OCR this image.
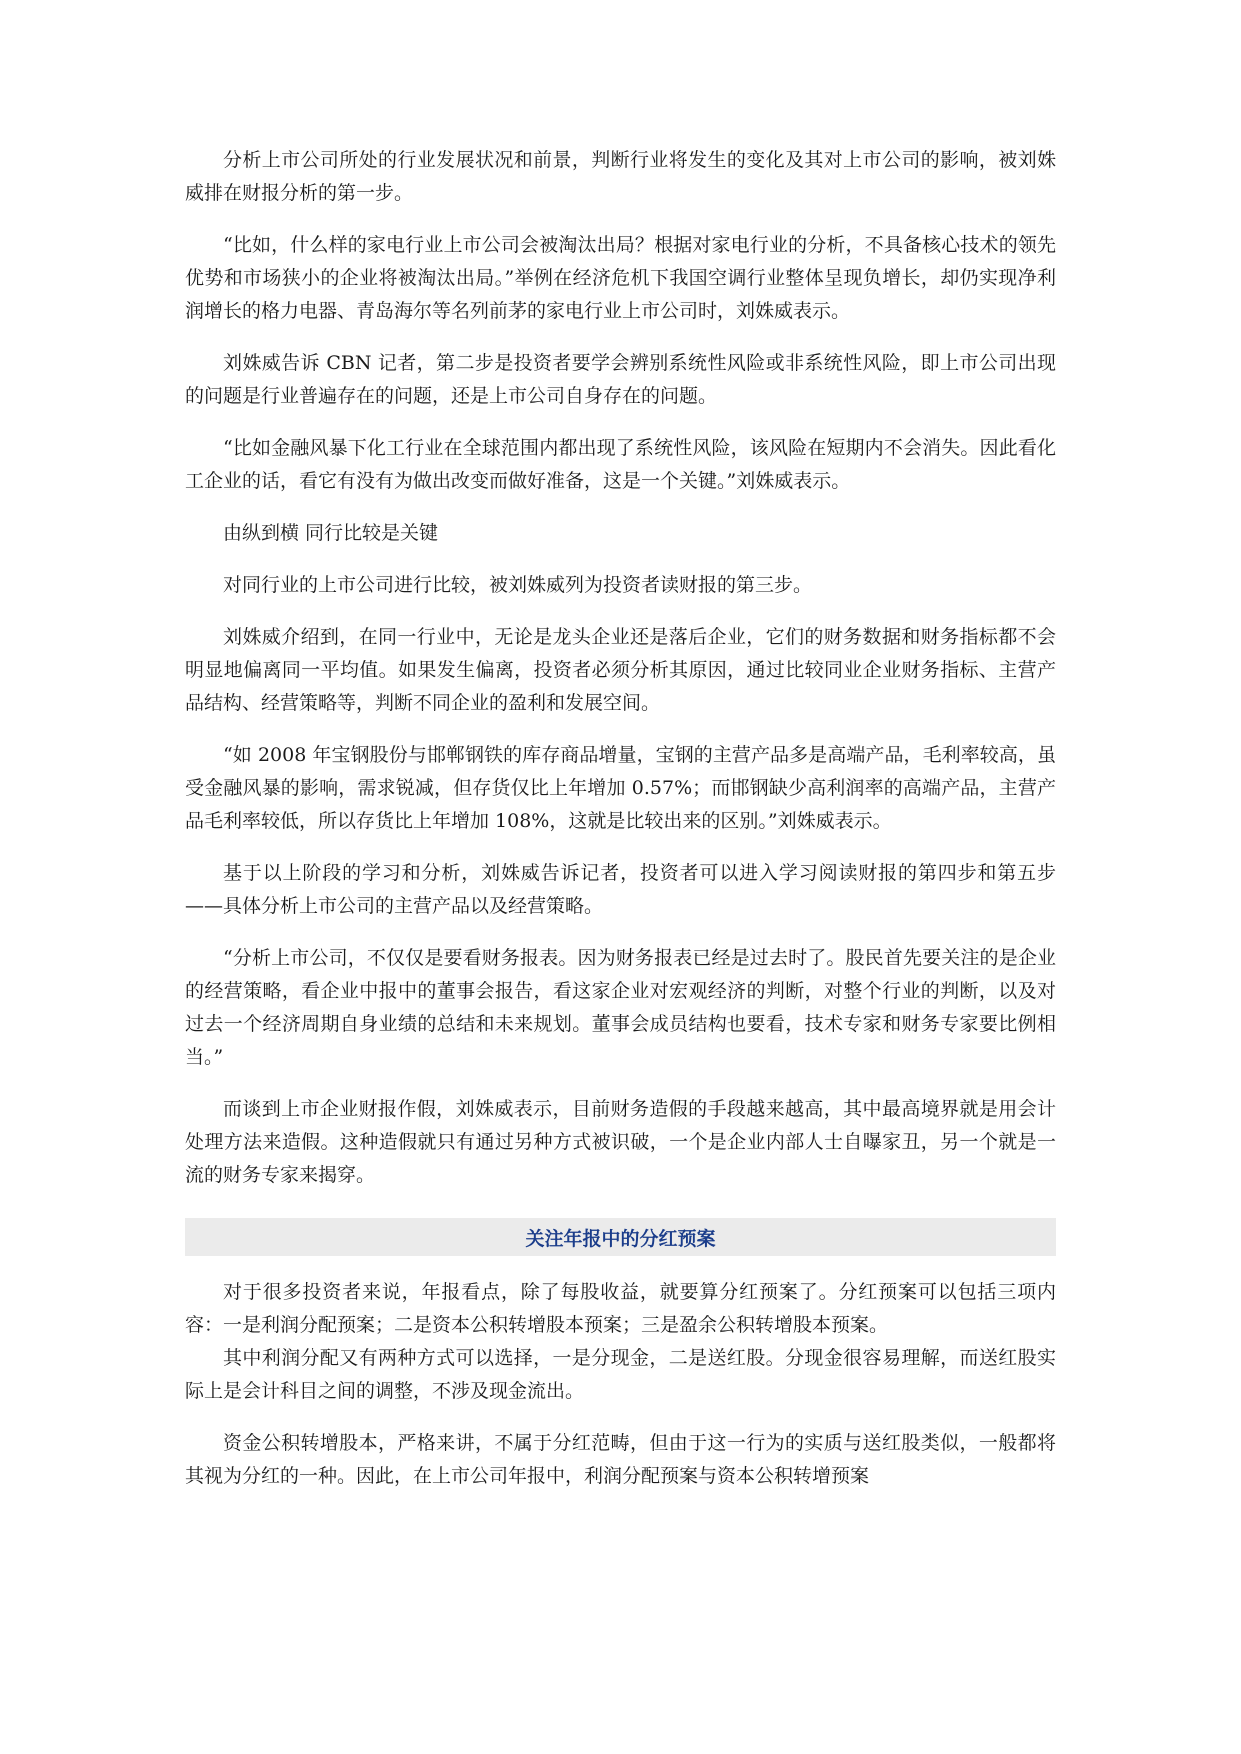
分析上市公司所处的行业发展状况和前景，判断行业将发生的变化及其对上市公司的影响，被刘姝威排在财报分析的第一步。

“比如，什么样的家电行业上市公司会被淘汰出局？根据对家电行业的分析，不具备核心技术的领先优势和市场狭小的企业将被淘汰出局。”举例在经济危机下我国空调行业整体呈现负增长，却仍实现净利润增长的格力电器、青岛海尔等名列前茅的家电行业上市公司时，刘姝威表示。

刘姝威告诉 CBN 记者，第二步是投资者要学会辨别系统性风险或非系统性风险，即上市公司出现的问题是行业普遍存在的问题，还是上市公司自身存在的问题。

“比如金融风暴下化工行业在全球范围内都出现了系统性风险，该风险在短期内不会消失。因此看化工企业的话，看它有没有为做出改变而做好准备，这是一个关键。”刘姝威表示。

由纵到横 同行比较是关键

对同行业的上市公司进行比较，被刘姝威列为投资者读财报的第三步。

刘姝威介绍到，在同一行业中，无论是龙头企业还是落后企业，它们的财务数据和财务指标都不会明显地偏离同一平均值。如果发生偏离，投资者必须分析其原因，通过比较同业企业财务指标、主营产品结构、经营策略等，判断不同企业的盈利和发展空间。

“如 2008 年宝钢股份与邯郸钢铁的库存商品增量，宝钢的主营产品多是高端产品，毛利率较高，虽受金融风暴的影响，需求锐减，但存货仅比上年增加 0.57%；而邯钢缺少高利润率的高端产品，主营产品毛利率较低，所以存货比上年增加 108%，这就是比较出来的区别。”刘姝威表示。

基于以上阶段的学习和分析，刘姝威告诉记者，投资者可以进入学习阅读财报的第四步和第五步——具体分析上市公司的主营产品以及经营策略。

“分析上市公司，不仅仅是要看财务报表。因为财务报表已经是过去时了。股民首先要关注的是企业的经营策略，看企业中报中的董事会报告，看这家企业对宏观经济的判断，对整个行业的判断，以及对过去一个经济周期自身业绩的总结和未来规划。董事会成员结构也要看，技术专家和财务专家要比例相当。”

而谈到上市企业财报作假，刘姝威表示，目前财务造假的手段越来越高，其中最高境界就是用会计处理方法来造假。这种造假就只有通过另种方式被识破，一个是企业内部人士自曝家丑，另一个就是一流的财务专家来揭穿。

关注年报中的分红预案

对于很多投资者来说，年报看点，除了每股收益，就要算分红预案了。分红预案可以包括三项内容：一是利润分配预案；二是资本公积转增股本预案；三是盈余公积转增股本预案。

其中利润分配又有两种方式可以选择，一是分现金，二是送红股。分现金很容易理解，而送红股实际上是会计科目之间的调整，不涉及现金流出。

资金公积转增股本，严格来讲，不属于分红范畴，但由于这一行为的实质与送红股类似，一般都将其视为分红的一种。因此，在上市公司年报中，利润分配预案与资本公积转增预案
